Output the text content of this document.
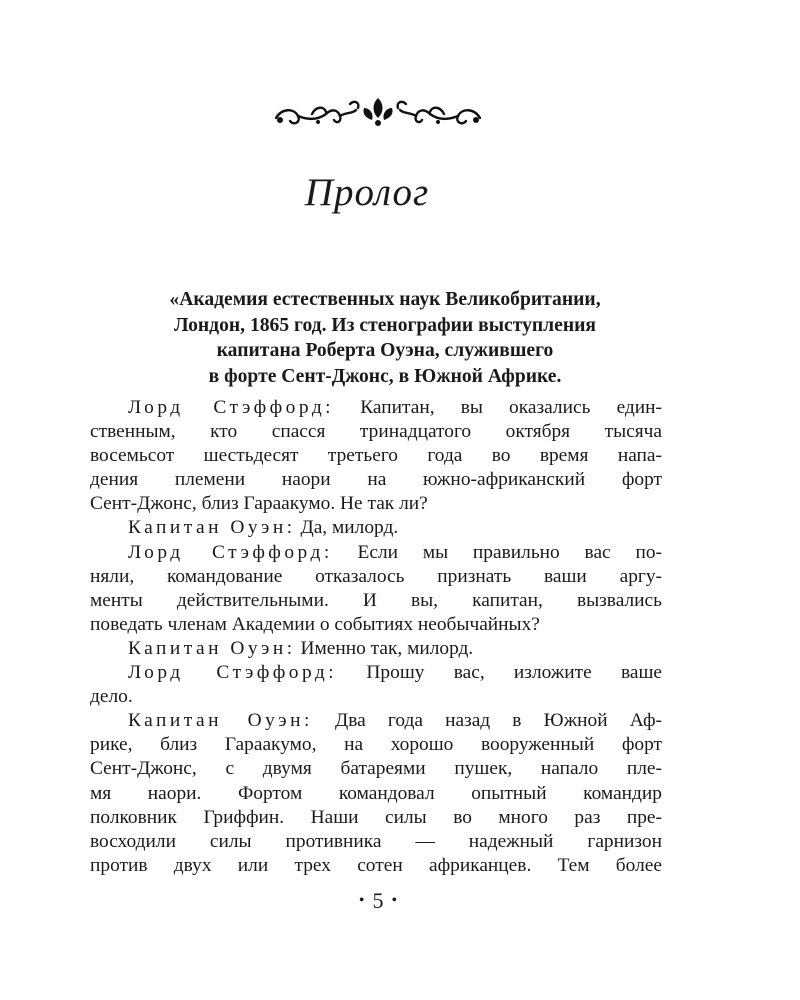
Пролог
«Академия естественных наук Великобритании,
Лондон, 1865 год. Из стенографии выступления
капитана Роберта Оуэна, служившего
в форте Сент-Джонс, в Южной Африке.
Лорд Стэффорд: Капитан, вы оказались един-
ственным, кто спасся тринадцатого октября тысяча
восемьсот шестьдесят третьего года во время напа-
дения племени наори на южно-африканский форт
Сент-Джонс, близ Гараакумо. Не так ли?
Капитан Оуэн: Да, милорд.
Лорд Стэффорд: Если мы правильно вас по-
няли, командование отказалось признать ваши аргу-
менты действительными. И вы, капитан, вызвались
поведать членам Академии о событиях необычайных?
Капитан Оуэн: Именно так, милорд.
Лорд Стэффорд: Прошу вас, изложите ваше
дело.
Капитан Оуэн: Два года назад в Южной Аф-
рике, близ Гараакумо, на хорошо вооруженный форт
Сент-Джонс, с двумя батареями пушек, напало пле-
мя наори. Фортом командовал опытный командир
полковник Гриффин. Наши силы во много раз пре-
восходили силы противника — надежный гарнизон
против двух или трех сотен африканцев. Тем более
• 5 •
